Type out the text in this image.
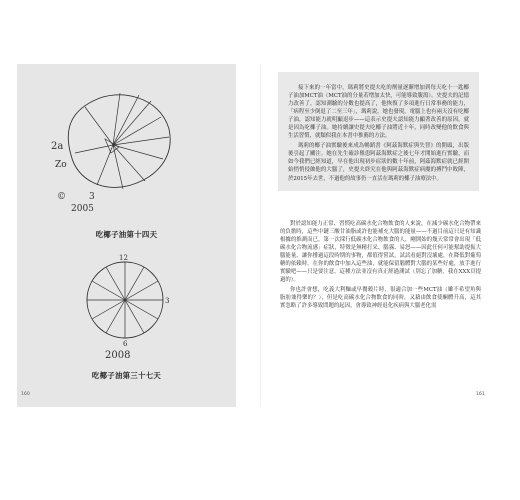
2a
Zo
3
©
2005
吃椰子油第十四天
12
3
6
2008
吃椰子油第三十七天
160

接下來的一年當中，瑪莉將史提夫吃的劑量逐漸增加到每天吃十一匙椰子油加MCT油（MCT油的分量若增加太快，可能導致腹瀉）。史提夫的記憶力改善了，認知測驗的分數也提高了，他恢復了多項進行日常事務的能力，「病程至少倒退了二至三年」，瑪莉說，她也發現，電腦上也有兩天沒有吃椰子油，認知能力就明顯退步——這表示史提夫認知能力顯著改善的原因，就是因為吃椰子油。她持續讓史提夫吃椰子油將近十年，同時改變他的飲食與生活習慣，就類似我在本書中推薦的方法。

瑪莉的椰子油實驗後來成為暢銷書《阿茲海默症與失智》的開頭，出版後引起了關注。她在先生確診罹患阿茲海默症之後七年才開始進行實驗，而如今我們已經知道，早在他出現初步症狀的數十年前，阿茲海默症就已經開始悄悄侵蝕他的大腦了，史提夫終究在他與阿茲海默症病魔的搏鬥中敗陣，於2015年去世，不過他的故事仍一直活在瑪莉的椰子油療法中。

對於認知能力正常、習慣吃高碳水化合物飲食的人來說，在減少碳水化合物帶來的負擔時，這些中鏈三酸甘油脂或許也能補充大腦的能量——不過目前這只是有知識根據的推測而已。第一次採行低碳水化合物飲食的人，剛開始的幾天常常會出現「低碳水化合物流感」症狀，特徵是無精打采、腦霧、易怒——因此任何可能幫助提振大腦能量、讓你撐過這段時期的事物，都值得嘗試。試試看絕對沒壞處，在降低對葡萄糖的依賴時，在你的飲食中加入這些油，就能保留腦體對大腦的某些好處，放手進行實驗吧——只是要注意，這種方法並沒有真正經過測試（別忘了加糖，我在XXX頁提過的）。

你也許會想，吃義大利麵或早餐穀片時，很適合加一些MCT油（雖不希望角與脂肪兼得樂的？），但是吃高碳水化合物飲食的同時，又藉由飲食使酮體升高，這其實忽略了許多導致問題的起因，會導致神經退化疾病與大腦老化需

161
